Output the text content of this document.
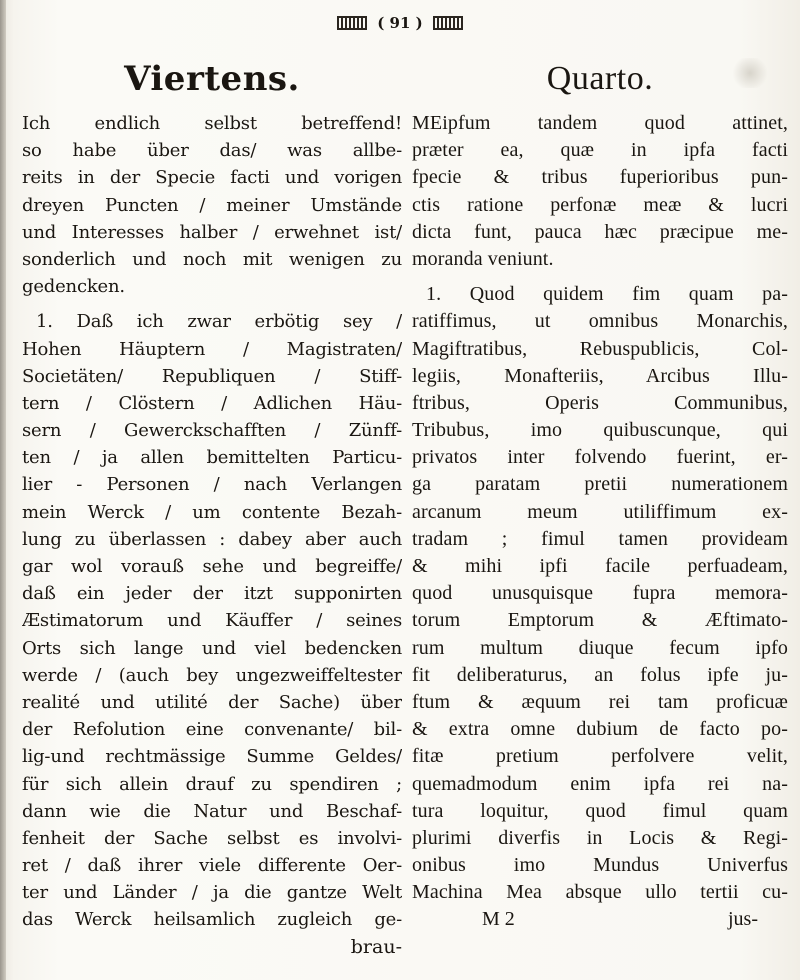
( 91 )
Viertens.
Ich endlich selbst betreffend!
so habe über das/ was allbe-
reits in der Specie facti und vorigen
dreyen Puncten / meiner Umstände
und Interesses halber / erwehnet ist/
sonderlich und noch mit wenigen zu
gedencken.
1. Daß ich zwar erbötig sey /
Hohen Häuptern / Magistraten/
Societäten/ Republiquen / Stiff-
tern / Clöstern / Adlichen Häu-
sern / Gewerckschafften / Zünff-
ten / ja allen bemittelten Particu-
lier - Personen / nach Verlangen
mein Werck / um contente Bezah-
lung zu überlassen : dabey aber auch
gar wol vorauß sehe und begreiffe/
daß ein jeder der itzt supponirten
Æstimatorum und Käuffer / seines
Orts sich lange und viel bedencken
werde / (auch bey ungezweiffeltester
realité und utilité der Sache) über
der Refolution eine convenante/ bil-
lig-und rechtmässige Summe Geldes/
für sich allein drauf zu spendiren ;
dann wie die Natur und Beschaf-
fenheit der Sache selbst es involvi-
ret / daß ihrer viele differente Oer-
ter und Länder / ja die gantze Welt
das Werck heilsamlich zugleich ge-
brau-
Quarto.
MEipfum tandem quod attinet,
præter ea, quæ in ipfa facti
fpecie & tribus fuperioribus pun-
ctis ratione perfonæ meæ & lucri
dicta funt, pauca hæc præcipue me-
moranda veniunt.
1. Quod quidem fim quam pa-
ratiffimus, ut omnibus Monarchis,
Magiftratibus, Rebuspublicis, Col-
legiis, Monafteriis, Arcibus Illu-
ftribus, Operis Communibus,
Tribubus, imo quibuscunque, qui
privatos inter folvendo fuerint, er-
ga paratam pretii numerationem
arcanum meum utiliffimum ex-
tradam ; fimul tamen provideam
& mihi ipfi facile perfuadeam,
quod unusquisque fupra memora-
torum Emptorum & Æftimato-
rum multum diuque fecum ipfo
fit deliberaturus, an folus ipfe ju-
ftum & æquum rei tam proficuæ
& extra omne dubium de facto po-
fitæ pretium perfolvere velit,
quemadmodum enim ipfa rei na-
tura loquitur, quod fimul quam
plurimi diverfis in Locis & Regi-
onibus imo Mundus Univerfus
Machina Mea absque ullo tertii cu-
M 2	jus-
